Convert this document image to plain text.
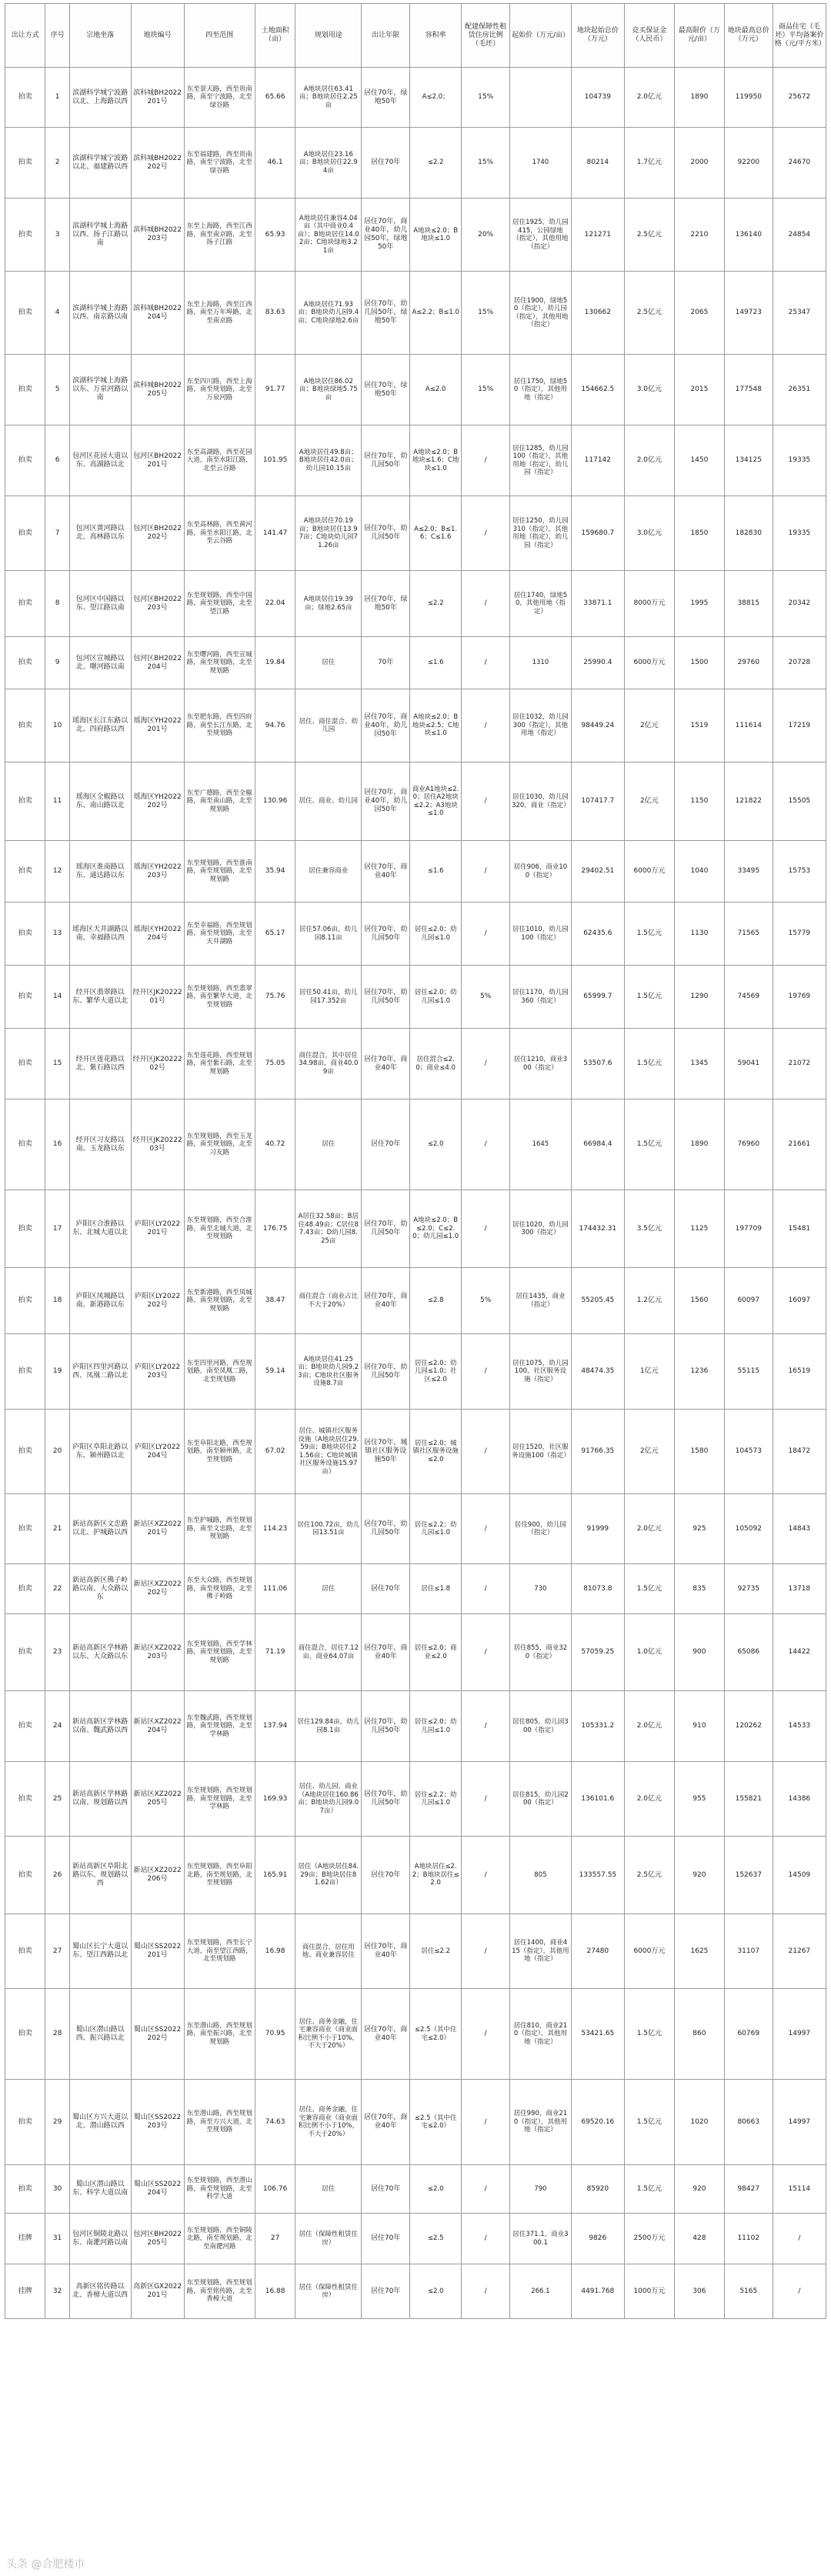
出让方式	序号	宗地坐落	地块编号	四至范围	土地面积（亩）	规划用途	出让年限	容积率	配建保障性租赁住房比例（毛坯）	起始价（万元/亩）	地块起始总价（万元）	竞买保证金（人民币）	最高限价（万元/亩）	地块最高总价（万元）	商品住宅（毛坯）平均备案价格（元/平方米）
拍卖	1	滨湖科学城宁波路以北、上海路以西	滨科城BH2022201号	东至景天路，西至贵南路，南至宁波路，北至绿谷路	65.66	A地块居住63.41亩；B地块居住2.25亩	居住70年，绿地50年	A≤2.0；	15%		104739	2.0亿元	1890	119950	25672
拍卖	2	滨湖科学城宁波路以北、福建路以西	滨科城BH2022202号	东至福建路，西至贵南路，南至宁波路，北至绿谷路	46.1	A地块居住23.16亩；B地块居住22.94亩	居住70年	≤2.2	15%	1740	80214	1.7亿元	2000	92200	24670
拍卖	3	滨湖科学城上海路以西、扬子江路以南	滨科城BH2022203号	东至上海路，西至江西路，南至南京路，北至扬子江路	65.93	A地块居住兼容4.04亩（其中商业0.4亩）；B地块居住14.02亩；C地块绿地3.21亩	居住70年，商业40年，幼儿园50年，绿地50年	A地块≤2.0；B地块≤1.0	20%	居住1925，幼儿园415，公园绿地（指定），其他用地（指定）	121271	2.5亿元	2210	136140	24854
拍卖	4	滨湖科学城上海路以西、南京路以南	滨科城BH2022204号	东至上海路，西至江西路，南至万年埠路，北至南京路	83.63	A地块居住71.93亩；B地块幼儿园9.4亩；C地块绿地2.6亩	居住70年，幼儿园50年，绿地50年	A≤2.2；B≤1.0	15%	居住1900，绿地50（指定），幼儿园（指定），其他用地（指定）	130662	2.5亿元	2065	149723	25347
拍卖	5	滨湖科学城上海路以东、万泉河路以南	滨科城BH2022205号	东至四川路，西至上海路，南至规划路，北至万泉河路	91.77	A地块居住86.02亩；B地块绿地5.75亩	居住70年，绿地50年	A≤2.0	15%	居住1750，绿地50（指定），其他用地（指定）	154662.5	3.0亿元	2015	177548	26351
拍卖	6	包河区花园大道以东、高湖路以北	包河区BH2022201号	东至高湖路，西至花园大道，南至水阳江路，北至云谷路	101.95	A地块居住49.8亩；B地块居住42.0亩；幼儿园10.15亩	居住70年，幼儿园50年	A地块≤2.0；B地块≤1.6；C地块≤1.0	/	居住1285，幼儿园100（指定），其他用地（指定），幼儿园（指定）	117142	2.0亿元	1450	134125	19335
拍卖	7	包河区黄河路以北、高林路以东	包河区BH2022202号	东至高林路，西至黄河路，南至水阳江路，北至云谷路	141.47	A地块居住70.19亩；B地块居住13.97亩；C地块幼儿园71.26亩	居住70年，幼儿园50年	A≤2.0；B≤1.6；C≤1.6	/	居住1250，幼儿园310（指定），其他用地（指定），幼儿园（指定）	159680.7	3.0亿元	1850	182830	19335
拍卖	8	包河区中国路以东、望江路以南	包河区BH2022203号	东至规划路，西至中国路，南至规划路，北至望江路	22.04	A地块居住19.39亩；绿地2.65亩	居住70年，绿地50年	≤2.2	/	居住1740，绿地50，其他用地（指定）	33871.1	8000万元	1995	38815	20342
拍卖	9	包河区宣城路以北、曙河路以南	包河区BH2022204号	东至曙河路，西至宣城路，南至规划路，北至规划路	19.84	居住	70年	≤1.6	/	1310	25990.4	6000万元	1500	29760	20728
拍卖	10	瑶海区长江东路以北、四府路以西	瑶海区YH2022201号	东至肥东路，西至四府路，南至长江东路，北至规划路	94.76	居住、商住混合、幼儿园	居住70年，商业40年，幼儿园50年	A地块≤2.0；B地块≤2.5；C地块≤1.0	/	居住1032，幼儿园300（指定），其他用地（指定）	98449.24	2亿元	1519	111614	17219
拍卖	11	瑶海区全椒路以东、南山路以北	瑶海区YH2022202号	东至广德路，西至全椒路，南至南山路，北至规划路	130.96	居住、商业、幼儿园	居住70年，商业40年，幼儿园50年	商业A1地块≤2.0；居住A2地块≤2.2；A3地块≤1.0	/	居住1030，幼儿园320，商业（指定）	107417.7	2亿元	1150	121822	15505
拍卖	12	瑶海区淮南路以东、通达路以东	瑶海区YH2022203号	东至规划路，西至淮南路，南至规划路，北至规划路	35.94	居住兼容商业	居住70年，商业40年	≤1.6	/	居住906，商业100（指定）	29402.51	6000万元	1040	33495	15753
拍卖	13	瑶海区天井湖路以南、幸福路以西	瑶海区YH2022204号	东至幸福路，西至规划路，南至规划路，北至天井湖路	65.17	居住57.06亩，幼儿园8.11亩	居住70年，幼儿园50年	居住≤2.0；幼儿园≤1.0	/	居住1010，幼儿园100（指定）	62435.6	1.5亿元	1130	71565	15779
拍卖	14	经开区翡翠路以东、繁华大道以北	经开区JK2022201号	东至规划路，西至翡翠路，南至繁华大道，北至规划路	75.76	居住50.41亩，幼儿园17.352亩	居住70年，幼儿园50年	居住≤2.0；幼儿园≤1.0	5%	居住1170，幼儿园360（指定）	65999.7	1.5亿元	1290	74569	19769
拍卖	15	经开区莲花路以北、紫石路以西	经开区JK2022202号	东至莲花路，西至规划路，南至紫石路，北至规划路	75.05	商住混合，其中居住34.98亩，商业40.09亩	居住70年，商业40年	居住混合≤2.0；商业≤4.0	/	居住1210，商业300（指定）	53507.6	1.5亿元	1345	59041	21072
拍卖	16	经开区习友路以南、玉龙路以东	经开区JK2022203号	东至规划路，西至玉龙路，南至规划路，北至习友路	40.72	居住	居住70年	≤2.0	/	1645	66984.4	1.5亿元	1890	76960	21661
拍卖	17	庐阳区合淮路以东、北城大道以北	庐阳区LY2022201号	东至规划路，西至合淮路，南至北城大道，北至规划路	176.75	A居住32.58亩；B居住48.49亩；C居住87.43亩；D幼儿园8.25亩	居住70年，幼儿园50年	A地块≤2.0；B≤2.0；C≤2.0；幼儿园≤1.0	/	居住1020，幼儿园300（指定）	174432.31	3.5亿元	1125	197709	15481
拍卖	18	庐阳区凤城路以南、新港路以东	庐阳区LY2022202号	东至新港路，西至凤城路，南至规划路，北至规划路	38.47	商住混合（商业占比不大于20%）	居住70年，商业40年	≤2.8	5%	居住1435，商业（指定）	55205.45	1.2亿元	1560	60097	16097
拍卖	19	庐阳区四里河路以西、凤凰二路以北	庐阳区LY2022203号	东至四里河路，西至规划路，南至凤凰二路，北至规划路	59.14	A地块居住41.25亩；B地块幼儿园9.23亩；C地块社区服务设施8.7亩	居住70年，幼儿园50年	居住≤2.0；幼儿园≤1.0；社区≤2.0	/	居住1075，幼儿园100，社区服务设施（指定）	48474.35	1亿元	1236	55115	16519
拍卖	20	庐阳区阜阳北路以东、颍州路以北	庐阳区LY2022204号	东至阜阳北路，西至规划路，南至颍州路，北至规划路	67.02	居住、城镇社区服务设施（A地块居住29.59亩；B地块居住21.56亩；C地块城镇社区服务设施15.97亩）	居住70年，城镇社区服务设施50年	居住≤2.0；城镇社区服务设施≤2.0	/	居住1520，社区服务设施100（指定）	91766.35	2亿元	1580	104573	18472
拍卖	21	新站高新区文忠路以北、护城路以西	新站区XZ2022201号	东至护城路，西至规划路，南至文忠路，北至规划路	114.23	居住100.72亩，幼儿园13.51亩	居住70年，幼儿园50年	居住≤2.2；幼儿园≤1.0	/	居住900，幼儿园（指定）	91999	2.0亿元	925	105092	14843
拍卖	22	新站高新区佛子岭路以南、大众路以东	新站区XZ2022202号	东至大众路，西至规划路，南至规划路，北至佛子岭路	111.06	居住	居住70年	居住≤1.8	/	730	81073.8	1.5亿元	835	92735	13718
拍卖	23	新站高新区学林路以东、大众路以东	新站区XZ2022203号	东至规划路，西至学林路，南至规划路，北至规划路	71.19	商住混合，居住7.12亩，商业64.07亩	居住70年，商业40年	居住≤2.0；商业≤2.0	/	居住855，商业320（指定）	57059.25	1.0亿元	900	65086	14422
拍卖	24	新站高新区学林路以南、魏武路以西	新站区XZ2022204号	东至魏武路，西至规划路，南至规划路，北至学林路	137.94	居住129.84亩，幼儿园8.1亩	居住70年，幼儿园50年	居住≤2.0；幼儿园≤1.0	/	居住805，幼儿园300（指定）	105331.2	2.0亿元	910	120262	14533
拍卖	25	新站高新区学林路以南、规划路以西	新站区XZ2022205号	东至规划路，西至规划路，南至规划路，北至学林路	169.93	居住、幼儿园、商业（A地块居住160.86亩；B地块幼儿园9.07亩）	居住70年，幼儿园50年	居住≤2.2；幼儿园≤1.0	/	居住815，幼儿园200（指定）	136101.6	2.0亿元	955	155821	14386
拍卖	26	新站高新区阜阳北路以东、规划路以西	新站区XZ2022206号	东至规划路，西至阜阳北路，南至规划路，北至规划路	165.91	居住（A地块居住84.29亩；B地块居住81.62亩）	居住70年	A地块居住≤2.2；B地块居住≤2.0	/	805	133557.55	2.5亿元	920	152637	14509
拍卖	27	蜀山区长宁大道以东、望江西路以北	蜀山区SS2022201号	东至规划路，西至长宁大道，南至望江西路，北至规划路	16.98	商住混合，居住用地、商业兼容居住	居住70年，商业40年	居住≤2.2	/	居住1400，商业415（指定），其他用地（指定）	27480	6000万元	1625	31107	21267
拍卖	28	蜀山区潜山路以西、振兴路以北	蜀山区SS2022202号	东至潜山路，西至规划路，南至振兴路，北至规划路	70.95	居住、商务金融，住宅兼容商业（商业面积比例不小于10%，不大于20%）	居住70年，商业40年	≤2.5（其中住宅≤2.0）	/	居住810，商业210（指定），其他用地（指定）	53421.65	1.5亿元	860	60769	14997
拍卖	29	蜀山区方兴大道以北、潜山路以西	蜀山区SS2022203号	东至潜山路，西至规划路，南至方兴大道，北至规划路	74.63	居住、商务金融，住宅兼容商业（商业面积比例不小于10%，不大于20%）	居住70年，商业40年	≤2.5（其中住宅≤2.0）	/	居住990，商业210（指定），其他用地（指定）	69520.16	1.5亿元	1020	80663	14997
拍卖	30	蜀山区潜山路以东、科学大道以南	蜀山区SS2022204号	东至规划路，西至潜山路，南至规划路，北至科学大道	106.76	居住	居住70年	≤2.0	/	790	85920	1.5亿元	920	98427	15114
挂牌	31	包河区铜陵北路以东、南淝河路以南	包河区BH2022205号	东至规划路，西至铜陵北路，南至规划路，北至南淝河路	27	居住（保障性租赁住房）	居住70年	≤2.5	/	居住371.1，商业300.1	9826	2500万元	428	11102	/
挂牌	32	高新区铭传路以北、香樟大道以西	高新区GX2022201号	东至规划路，西至规划路，南至铭传路，北至香樟大道	16.88	居住（保障性租赁住房）	居住70年	≤2.0	/	266.1	4491.768	1000万元	306	5165	/
头条 @合肥楼市
